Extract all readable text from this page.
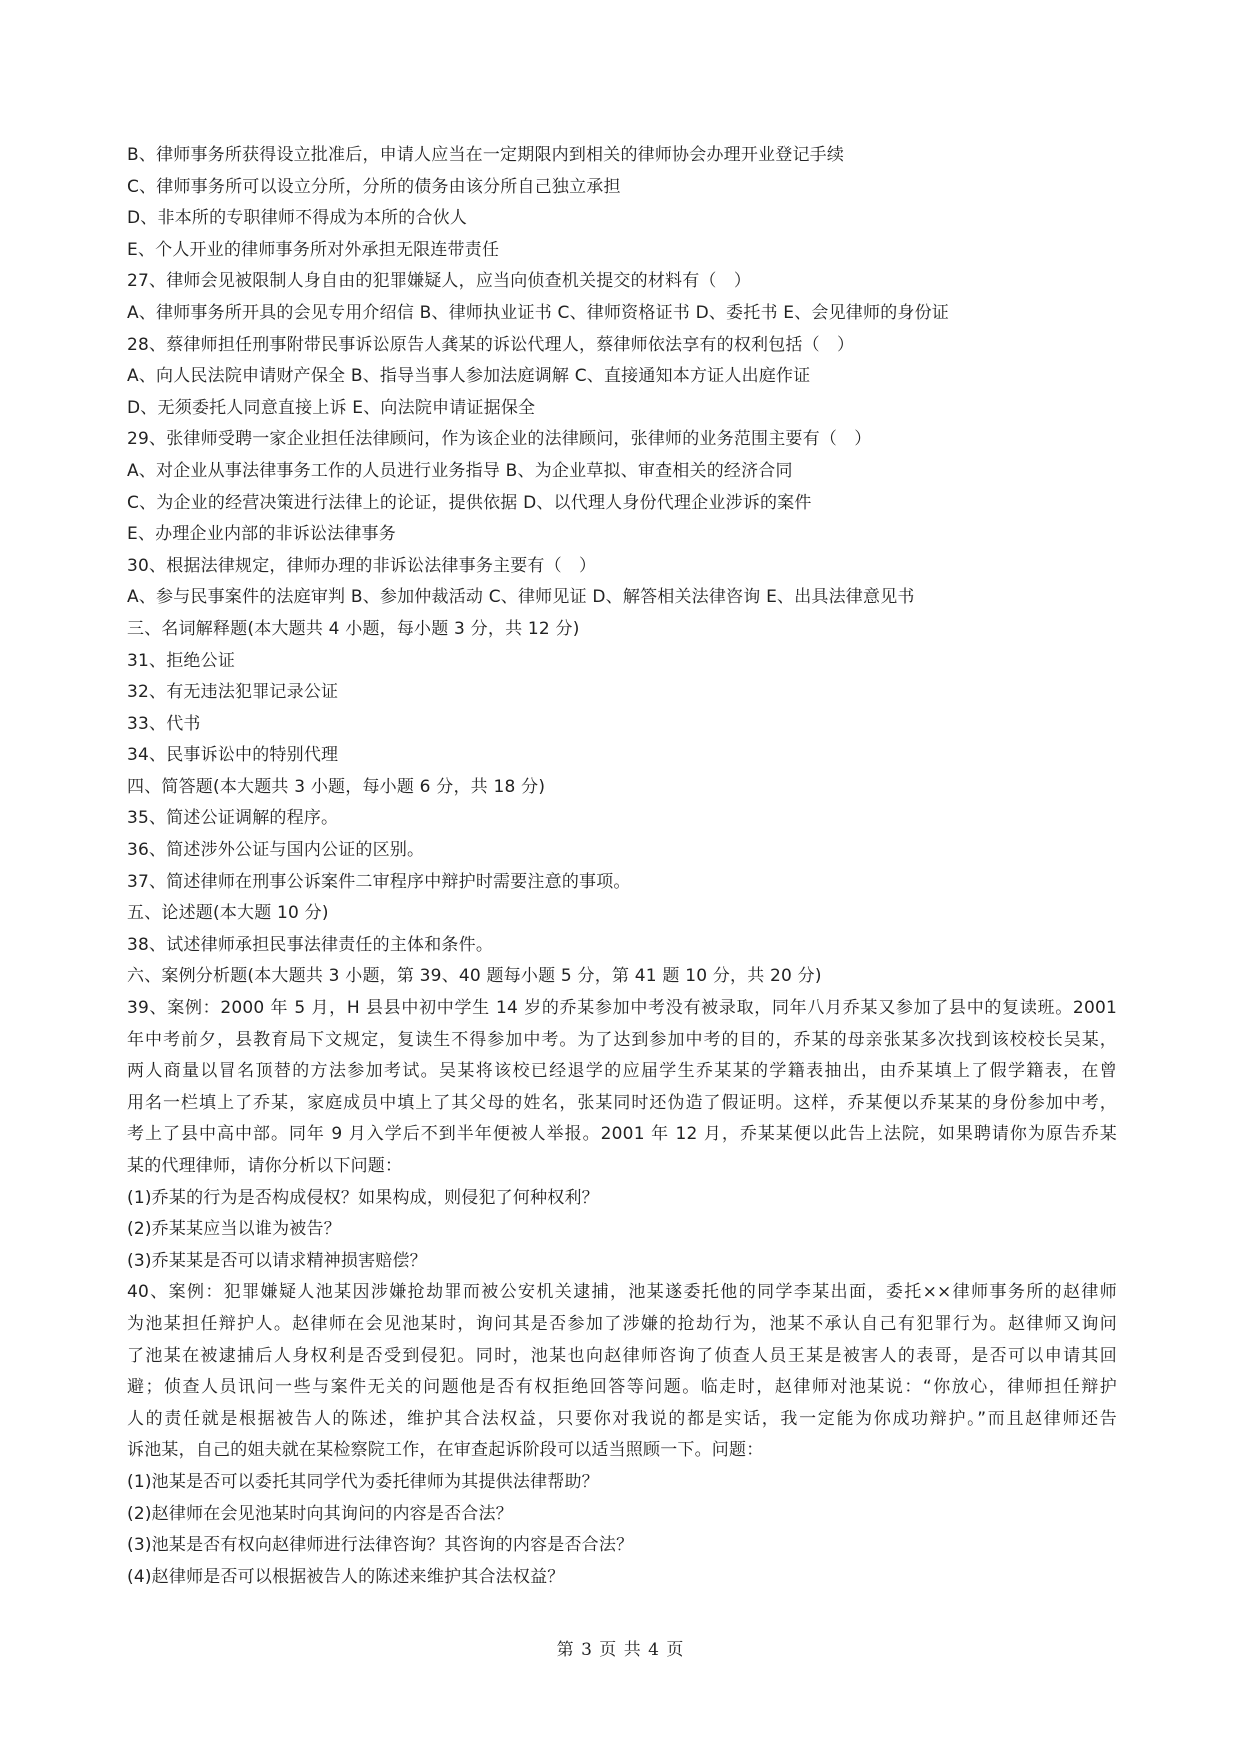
B、律师事务所获得设立批准后，申请人应当在一定期限内到相关的律师协会办理开业登记手续
C、律师事务所可以设立分所，分所的债务由该分所自己独立承担
D、非本所的专职律师不得成为本所的合伙人
E、个人开业的律师事务所对外承担无限连带责任
27、律师会见被限制人身自由的犯罪嫌疑人，应当向侦查机关提交的材料有（　）
A、律师事务所开具的会见专用介绍信 B、律师执业证书 C、律师资格证书 D、委托书 E、会见律师的身份证
28、蔡律师担任刑事附带民事诉讼原告人龚某的诉讼代理人，蔡律师依法享有的权利包括（　）
A、向人民法院申请财产保全 B、指导当事人参加法庭调解 C、直接通知本方证人出庭作证
D、无须委托人同意直接上诉 E、向法院申请证据保全
29、张律师受聘一家企业担任法律顾问，作为该企业的法律顾问，张律师的业务范围主要有（　）
A、对企业从事法律事务工作的人员进行业务指导 B、为企业草拟、审查相关的经济合同
C、为企业的经营决策进行法律上的论证，提供依据 D、以代理人身份代理企业涉诉的案件
E、办理企业内部的非诉讼法律事务
30、根据法律规定，律师办理的非诉讼法律事务主要有（　）
A、参与民事案件的法庭审判 B、参加仲裁活动 C、律师见证 D、解答相关法律咨询 E、出具法律意见书
三、名词解释题(本大题共 4 小题，每小题 3 分，共 12 分)
31、拒绝公证
32、有无违法犯罪记录公证
33、代书
34、民事诉讼中的特别代理
四、简答题(本大题共 3 小题，每小题 6 分，共 18 分)
35、简述公证调解的程序。
36、简述涉外公证与国内公证的区别。
37、简述律师在刑事公诉案件二审程序中辩护时需要注意的事项。
五、论述题(本大题 10 分)
38、试述律师承担民事法律责任的主体和条件。
六、案例分析题(本大题共 3 小题，第 39、40 题每小题 5 分，第 41 题 10 分，共 20 分)
39、案例：2000 年 5 月，H 县县中初中学生 14 岁的乔某参加中考没有被录取，同年八月乔某又参加了县中的复读班。2001
年中考前夕，县教育局下文规定，复读生不得参加中考。为了达到参加中考的目的，乔某的母亲张某多次找到该校校长吴某，
两人商量以冒名顶替的方法参加考试。吴某将该校已经退学的应届学生乔某某的学籍表抽出，由乔某填上了假学籍表，在曾
用名一栏填上了乔某，家庭成员中填上了其父母的姓名，张某同时还伪造了假证明。这样，乔某便以乔某某的身份参加中考，
考上了县中高中部。同年 9 月入学后不到半年便被人举报。2001 年 12 月，乔某某便以此告上法院，如果聘请你为原告乔某
某的代理律师，请你分析以下问题：
(1)乔某的行为是否构成侵权？如果构成，则侵犯了何种权利？
(2)乔某某应当以谁为被告？
(3)乔某某是否可以请求精神损害赔偿？
40、案例：犯罪嫌疑人池某因涉嫌抢劫罪而被公安机关逮捕，池某遂委托他的同学李某出面，委托××律师事务所的赵律师
为池某担任辩护人。赵律师在会见池某时，询问其是否参加了涉嫌的抢劫行为，池某不承认自己有犯罪行为。赵律师又询问
了池某在被逮捕后人身权利是否受到侵犯。同时，池某也向赵律师咨询了侦查人员王某是被害人的表哥，是否可以申请其回
避；侦查人员讯问一些与案件无关的问题他是否有权拒绝回答等问题。临走时，赵律师对池某说：“你放心，律师担任辩护
人的责任就是根据被告人的陈述，维护其合法权益，只要你对我说的都是实话，我一定能为你成功辩护。”而且赵律师还告
诉池某，自己的姐夫就在某检察院工作，在审查起诉阶段可以适当照顾一下。问题：
(1)池某是否可以委托其同学代为委托律师为其提供法律帮助？
(2)赵律师在会见池某时向其询问的内容是否合法？
(3)池某是否有权向赵律师进行法律咨询？其咨询的内容是否合法？
(4)赵律师是否可以根据被告人的陈述来维护其合法权益？
第 3 页 共 4 页
